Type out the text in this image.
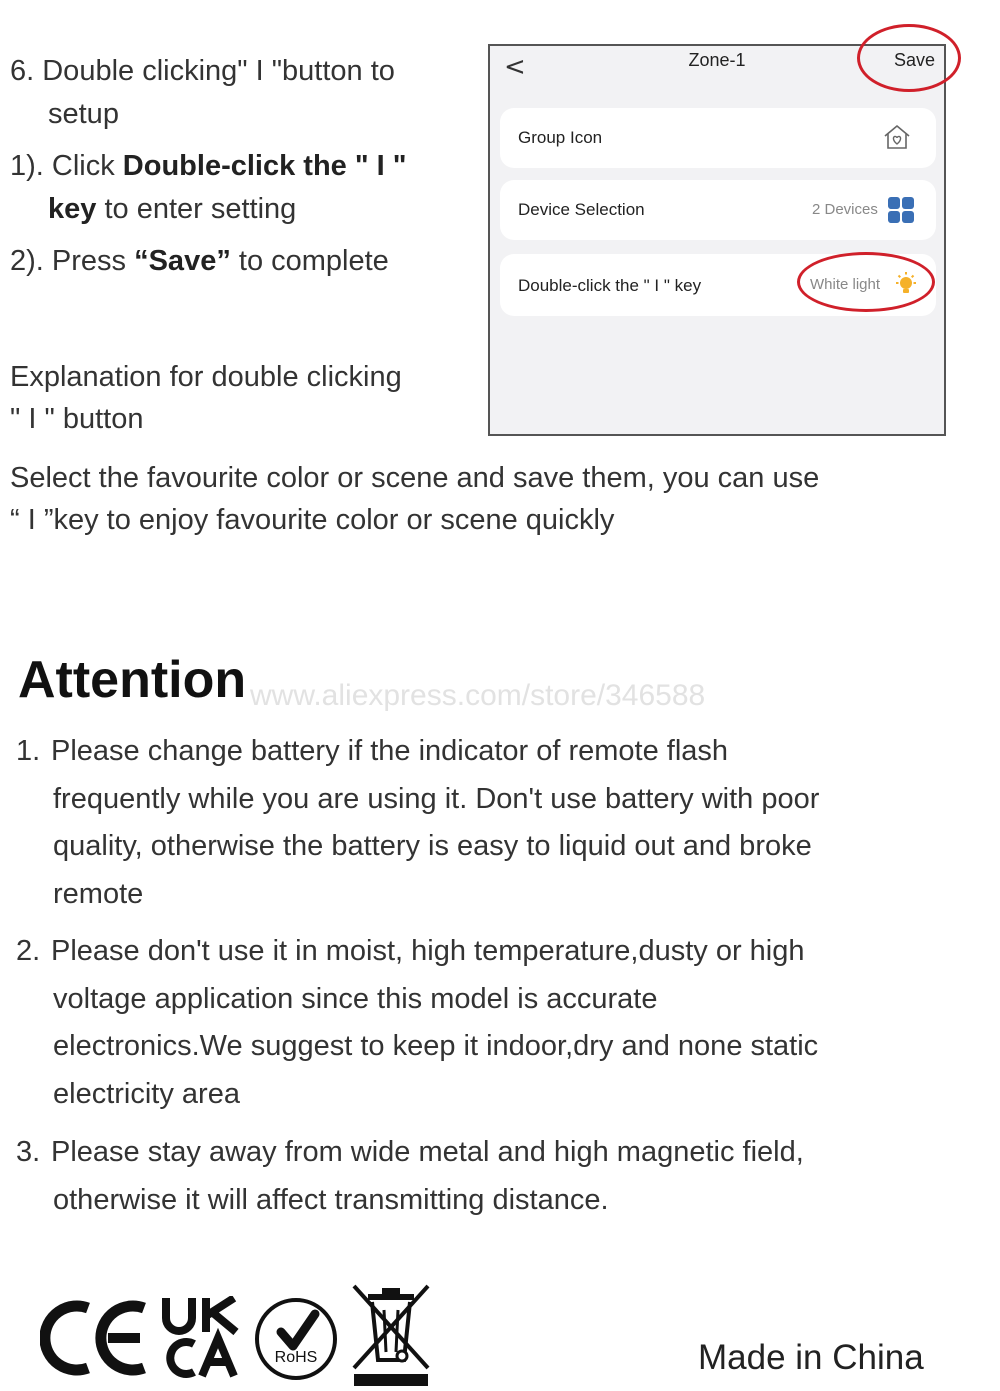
6. Double clicking" I "button to
setup
1). Click Double-click the " I "
key to enter setting
2). Press “Save” to complete
Explanation for double clicking
" I " button
Select the favourite color or scene and save them, you can use
“ I ”key to enjoy favourite color or scene quickly
<	Zone-1	Save
Group Icon
Device Selection	2 Devices
Double-click the " I " key	White light
Attention www.aliexpress.com/store/346588
1. Please change battery if the indicator of remote flash
frequently while you are using it. Don't use battery with poor
quality, otherwise the battery is easy to liquid out and broke
remote
2. Please don't use it in moist, high temperature,dusty or high
voltage application since this model is accurate
electronics.We suggest to keep it indoor,dry and none static
electricity area
3. Please stay away from wide metal and high magnetic field,
otherwise it will affect transmitting distance.
RoHS	Made in China
